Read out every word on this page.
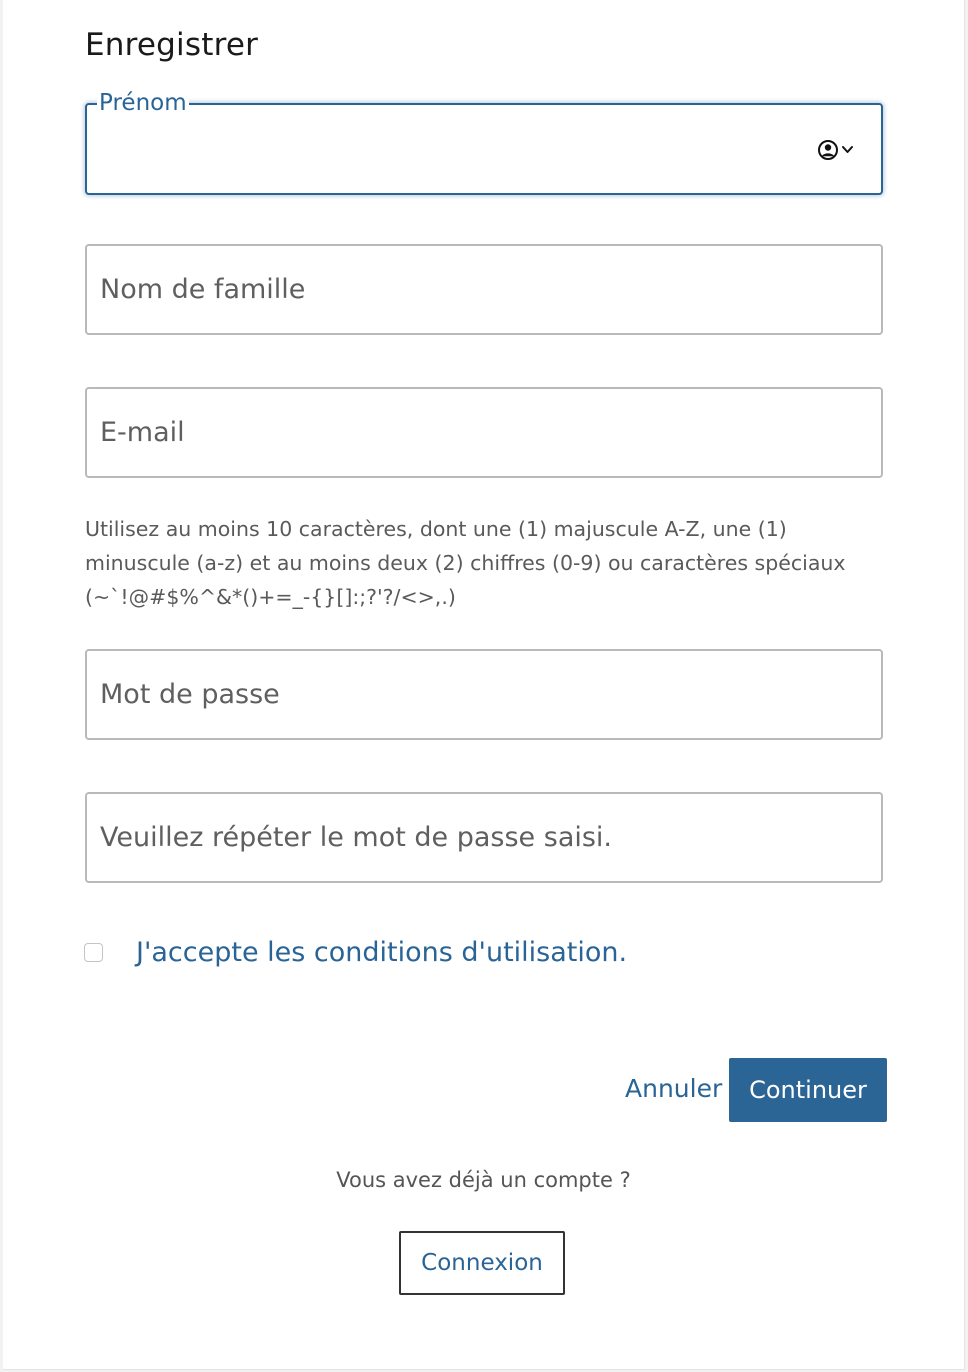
Enregistrer
Prénom
Nom de famille
E-mail

Utilisez au moins 10 caractères, dont une (1) majuscule A-Z, une (1) minuscule (a-z) et au moins deux (2) chiffres (0-9) ou caractères spéciaux (~`!@#$%^&*()+=_-{}[]:;?'?/<>,.)

J'accepte les conditions d'utilisation.
Annuler	Continuer
Vous avez déjà un compte ?
Connexion
